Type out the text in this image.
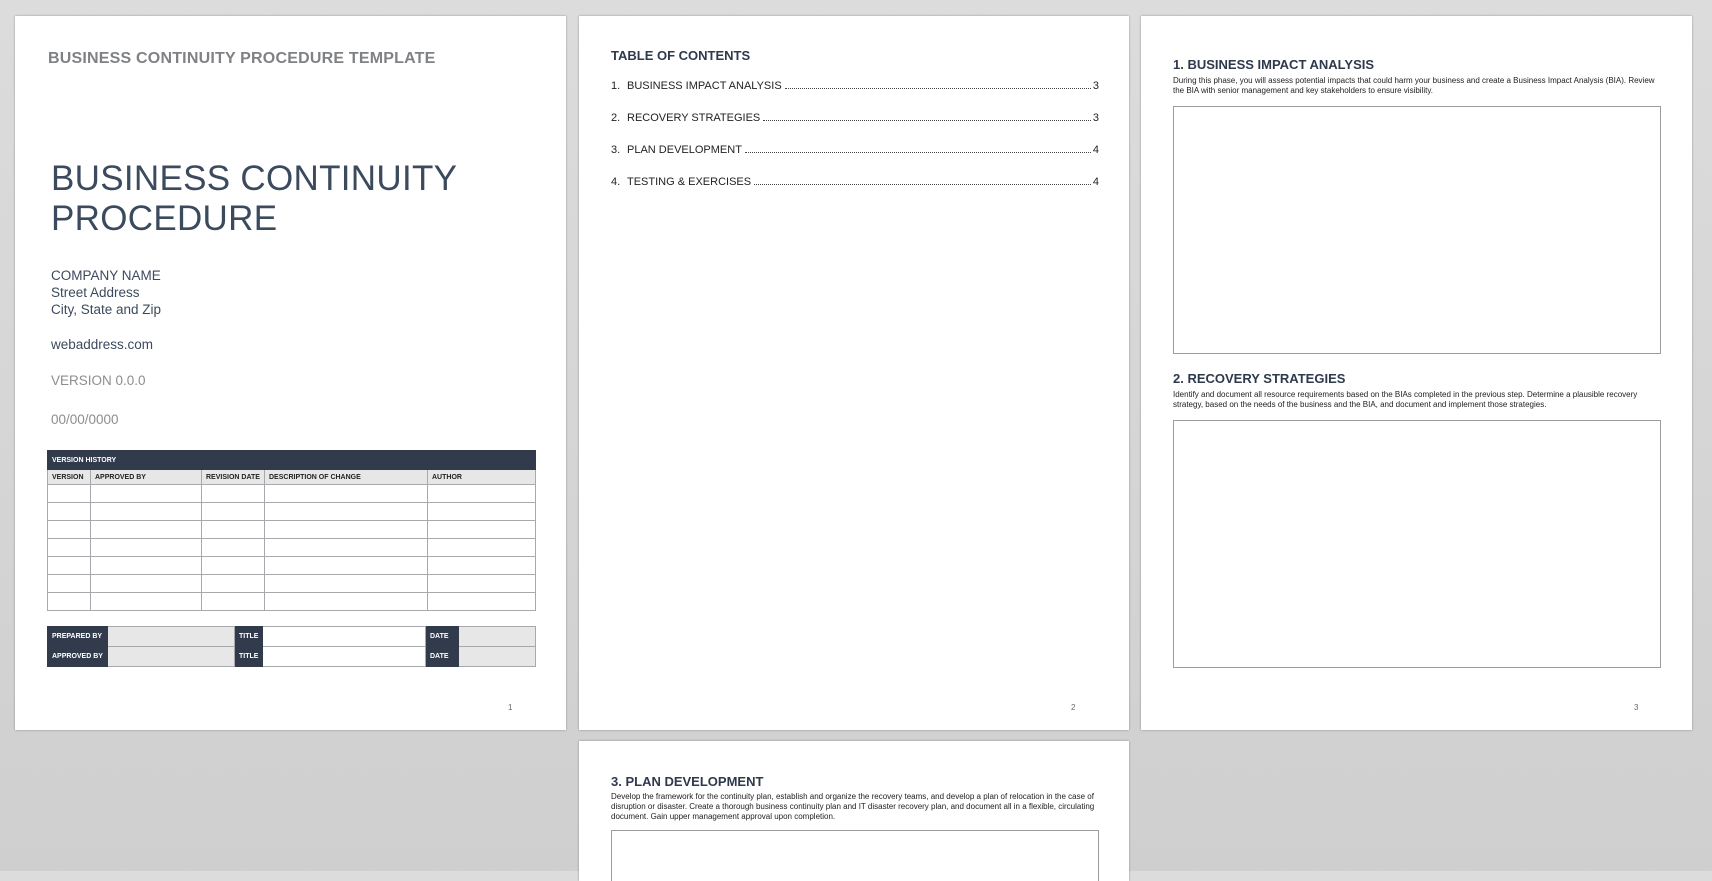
BUSINESS CONTINUITY PROCEDURE TEMPLATE
BUSINESS CONTINUITY
PROCEDURE
COMPANY NAME
Street Address
City, State and Zip
webaddress.com
VERSION 0.0.0
00/00/0000
VERSION HISTORY				
VERSION	APPROVED BY	REVISION DATE	DESCRIPTION OF CHANGE	AUTHOR

PREPARED BY		TITLE		DATE	
APPROVED BY		TITLE		DATE	
1
TABLE OF CONTENTS
1. BUSINESS IMPACT ANALYSIS	3
2. RECOVERY STRATEGIES	3
3. PLAN DEVELOPMENT	4
4. TESTING & EXERCISES	4
2
1. BUSINESS IMPACT ANALYSIS
During this phase, you will assess potential impacts that could harm your business and create a Business Impact Analysis (BIA). Review the BIA with senior management and key stakeholders to ensure visibility.
2. RECOVERY STRATEGIES
Identify and document all resource requirements based on the BIAs completed in the previous step. Determine a plausible recovery strategy, based on the needs of the business and the BIA, and document and implement those strategies.
3
3. PLAN DEVELOPMENT
Develop the framework for the continuity plan, establish and organize the recovery teams, and develop a plan of relocation in the case of disruption or disaster. Create a thorough business continuity plan and IT disaster recovery plan, and document all in a flexible, circulating document. Gain upper management approval upon completion.
